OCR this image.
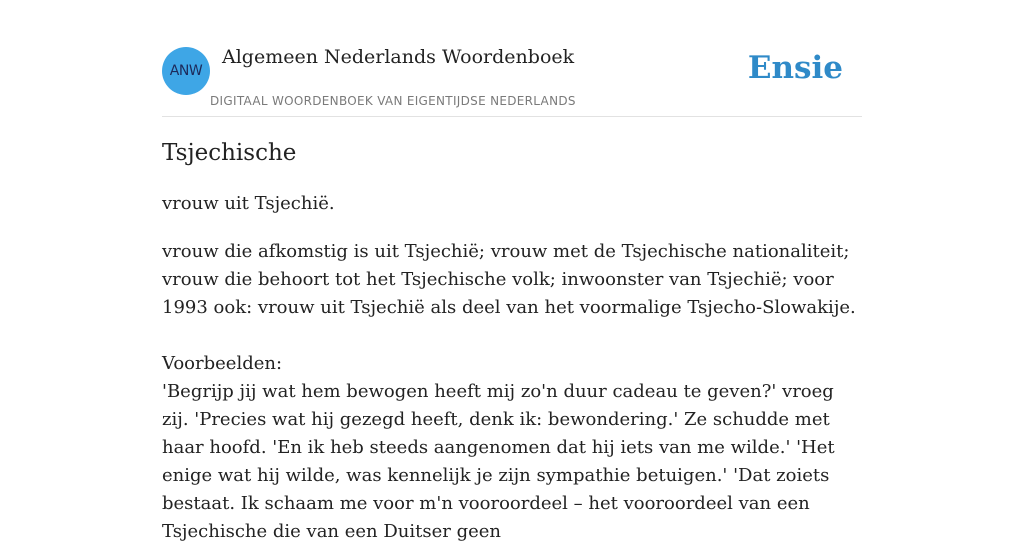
ANW
Algemeen Nederlands Woordenboek
DIGITAAL WOORDENBOEK VAN EIGENTIJDSE NEDERLANDS
Ensie
Tsjechische
vrouw uit Tsjechië.

vrouw die afkomstig is uit Tsjechië; vrouw met de Tsjechische nationaliteit; vrouw die behoort tot het Tsjechische volk; inwoonster van Tsjechië; voor 1993 ook: vrouw uit Tsjechië als deel van het voormalige Tsjecho-Slowakije.

Voorbeelden:

'Begrijp jij wat hem bewogen heeft mij zo'n duur cadeau te geven?' vroeg zij. 'Precies wat hij gezegd heeft, denk ik: bewondering.' Ze schudde met haar hoofd. 'En ik heb steeds aangenomen dat hij iets van me wilde.' 'Het enige wat hij wilde, was kennelijk je zijn sympathie betuigen.' 'Dat zoiets bestaat. Ik schaam me voor m'n vooroordeel – het vooroordeel van een Tsjechische die van een Duitser geen
